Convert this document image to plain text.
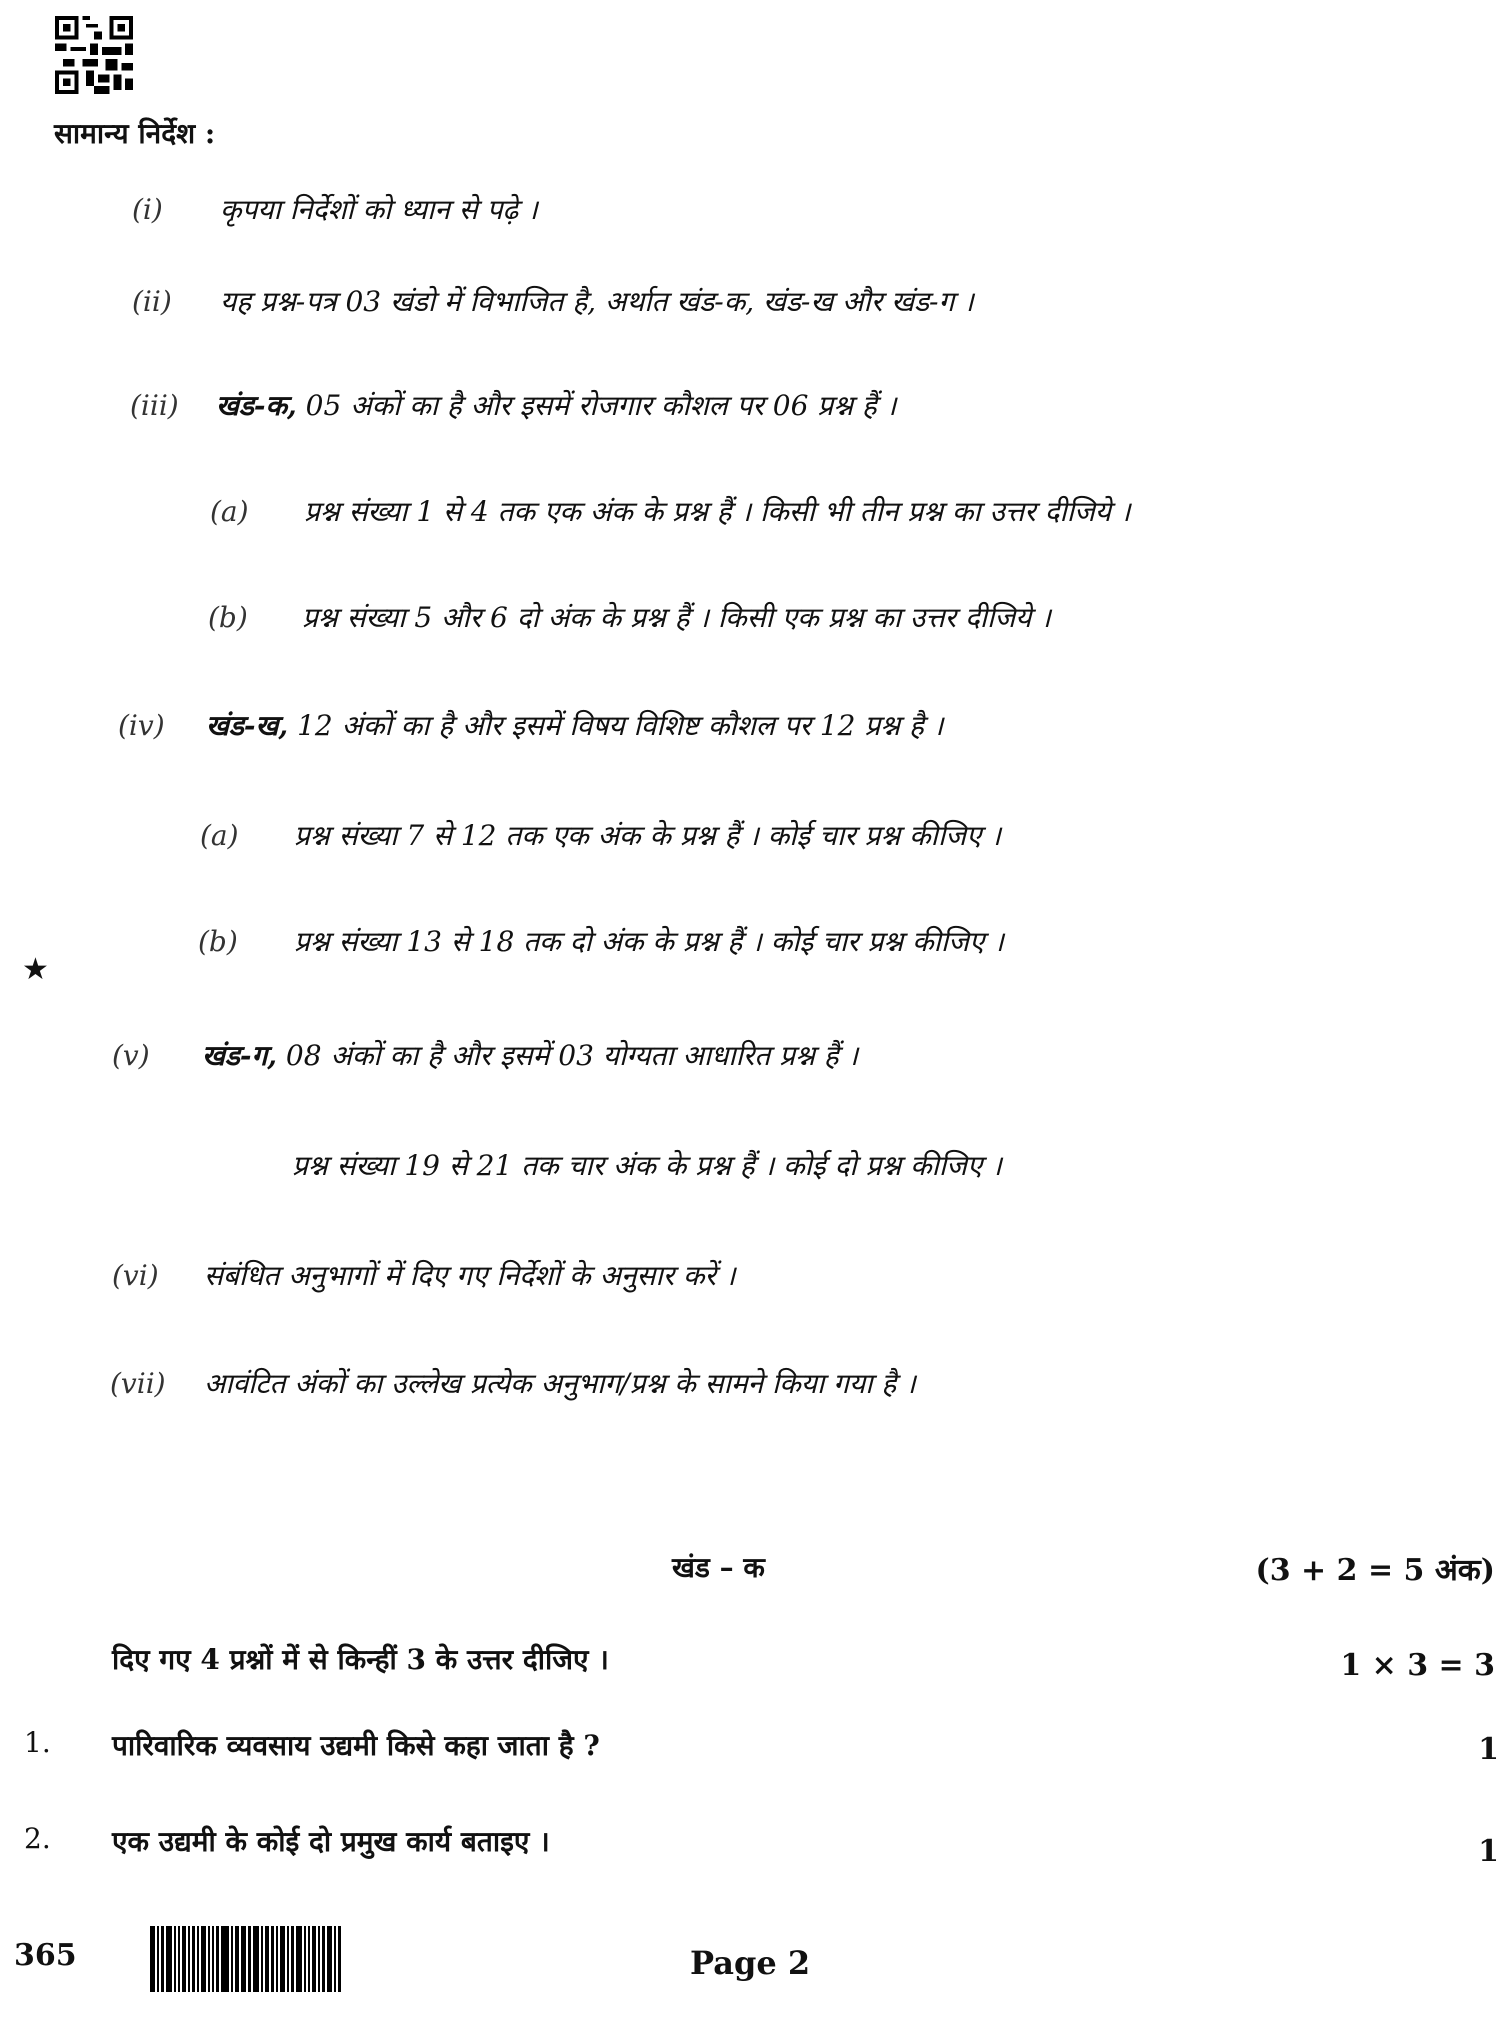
सामान्य निर्देश :
(i) कृपया निर्देशों को ध्यान से पढ़े ।
(ii) यह प्रश्न-पत्र 03 खंडो में विभाजित है, अर्थात खंड-क, खंड-ख और खंड-ग ।
(iii) खंड-क, 05 अंकों का है और इसमें रोजगार कौशल पर 06 प्रश्न हैं ।
(a) प्रश्न संख्या 1 से 4 तक एक अंक के प्रश्न हैं । किसी भी तीन प्रश्न का उत्तर दीजिये ।
(b) प्रश्न संख्या 5 और 6 दो अंक के प्रश्न हैं । किसी एक प्रश्न का उत्तर दीजिये ।
(iv) खंड-ख, 12 अंकों का है और इसमें विषय विशिष्ट कौशल पर 12 प्रश्न है ।
(a) प्रश्न संख्या 7 से 12 तक एक अंक के प्रश्न हैं । कोई चार प्रश्न कीजिए ।
(b) प्रश्न संख्या 13 से 18 तक दो अंक के प्रश्न हैं । कोई चार प्रश्न कीजिए ।
★
(v) खंड-ग, 08 अंकों का है और इसमें 03 योग्यता आधारित प्रश्न हैं ।
प्रश्न संख्या 19 से 21 तक चार अंक के प्रश्न हैं । कोई दो प्रश्न कीजिए ।
(vi) संबंधित अनुभागों में दिए गए निर्देशों के अनुसार करें ।
(vii) आवंटित अंकों का उल्लेख प्रत्येक अनुभाग/प्रश्न के सामने किया गया है ।
खंड – क	(3 + 2 = 5 अंक)
दिए गए 4 प्रश्नों में से किन्हीं 3 के उत्तर दीजिए ।	1 × 3 = 3
1. पारिवारिक व्यवसाय उद्यमी किसे कहा जाता है ?	1
2. एक उद्यमी के कोई दो प्रमुख कार्य बताइए ।	1
365	Page 2
